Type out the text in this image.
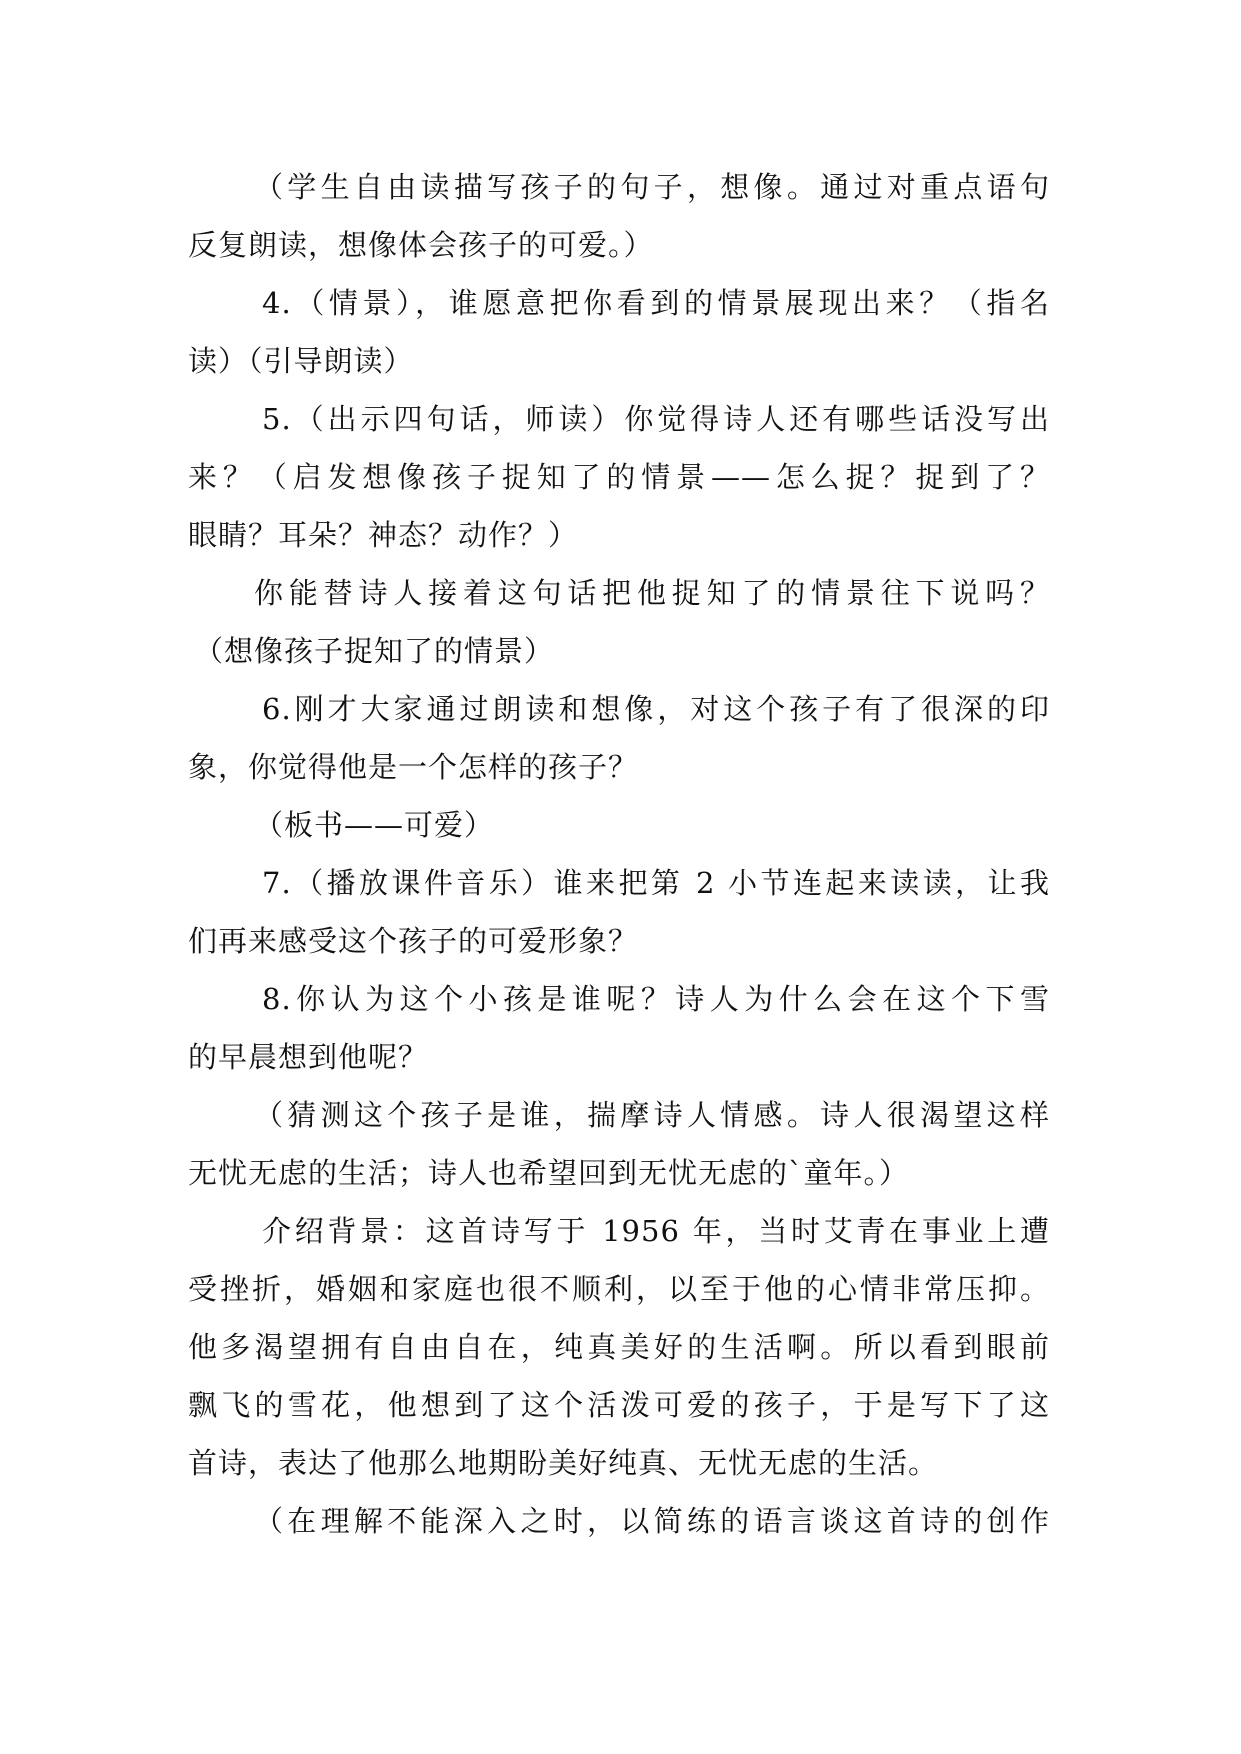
（学生自由读描写孩子的句子，想像。通过对重点语句
反复朗读，想像体会孩子的可爱。）
4.（情景），谁愿意把你看到的情景展现出来？（指名
读）（引导朗读）
5.（出示四句话，师读）你觉得诗人还有哪些话没写出
来？（启发想像孩子捉知了的情景——怎么捉？捉到了？
眼睛？耳朵？神态？动作？）
你能替诗人接着这句话把他捉知了的情景往下说吗？
（想像孩子捉知了的情景）
6.刚才大家通过朗读和想像，对这个孩子有了很深的印
象，你觉得他是一个怎样的孩子？
（板书——可爱）
7.（播放课件音乐）谁来把第 2 小节连起来读读，让我
们再来感受这个孩子的可爱形象？
8.你认为这个小孩是谁呢？诗人为什么会在这个下雪
的早晨想到他呢？
（猜测这个孩子是谁，揣摩诗人情感。诗人很渴望这样
无忧无虑的生活；诗人也希望回到无忧无虑的`童年。）
介绍背景：这首诗写于 1956 年，当时艾青在事业上遭
受挫折，婚姻和家庭也很不顺利，以至于他的心情非常压抑。
他多渴望拥有自由自在，纯真美好的生活啊。所以看到眼前
飘飞的雪花，他想到了这个活泼可爱的孩子，于是写下了这
首诗，表达了他那么地期盼美好纯真、无忧无虑的生活。
（在理解不能深入之时，以简练的语言谈这首诗的创作
